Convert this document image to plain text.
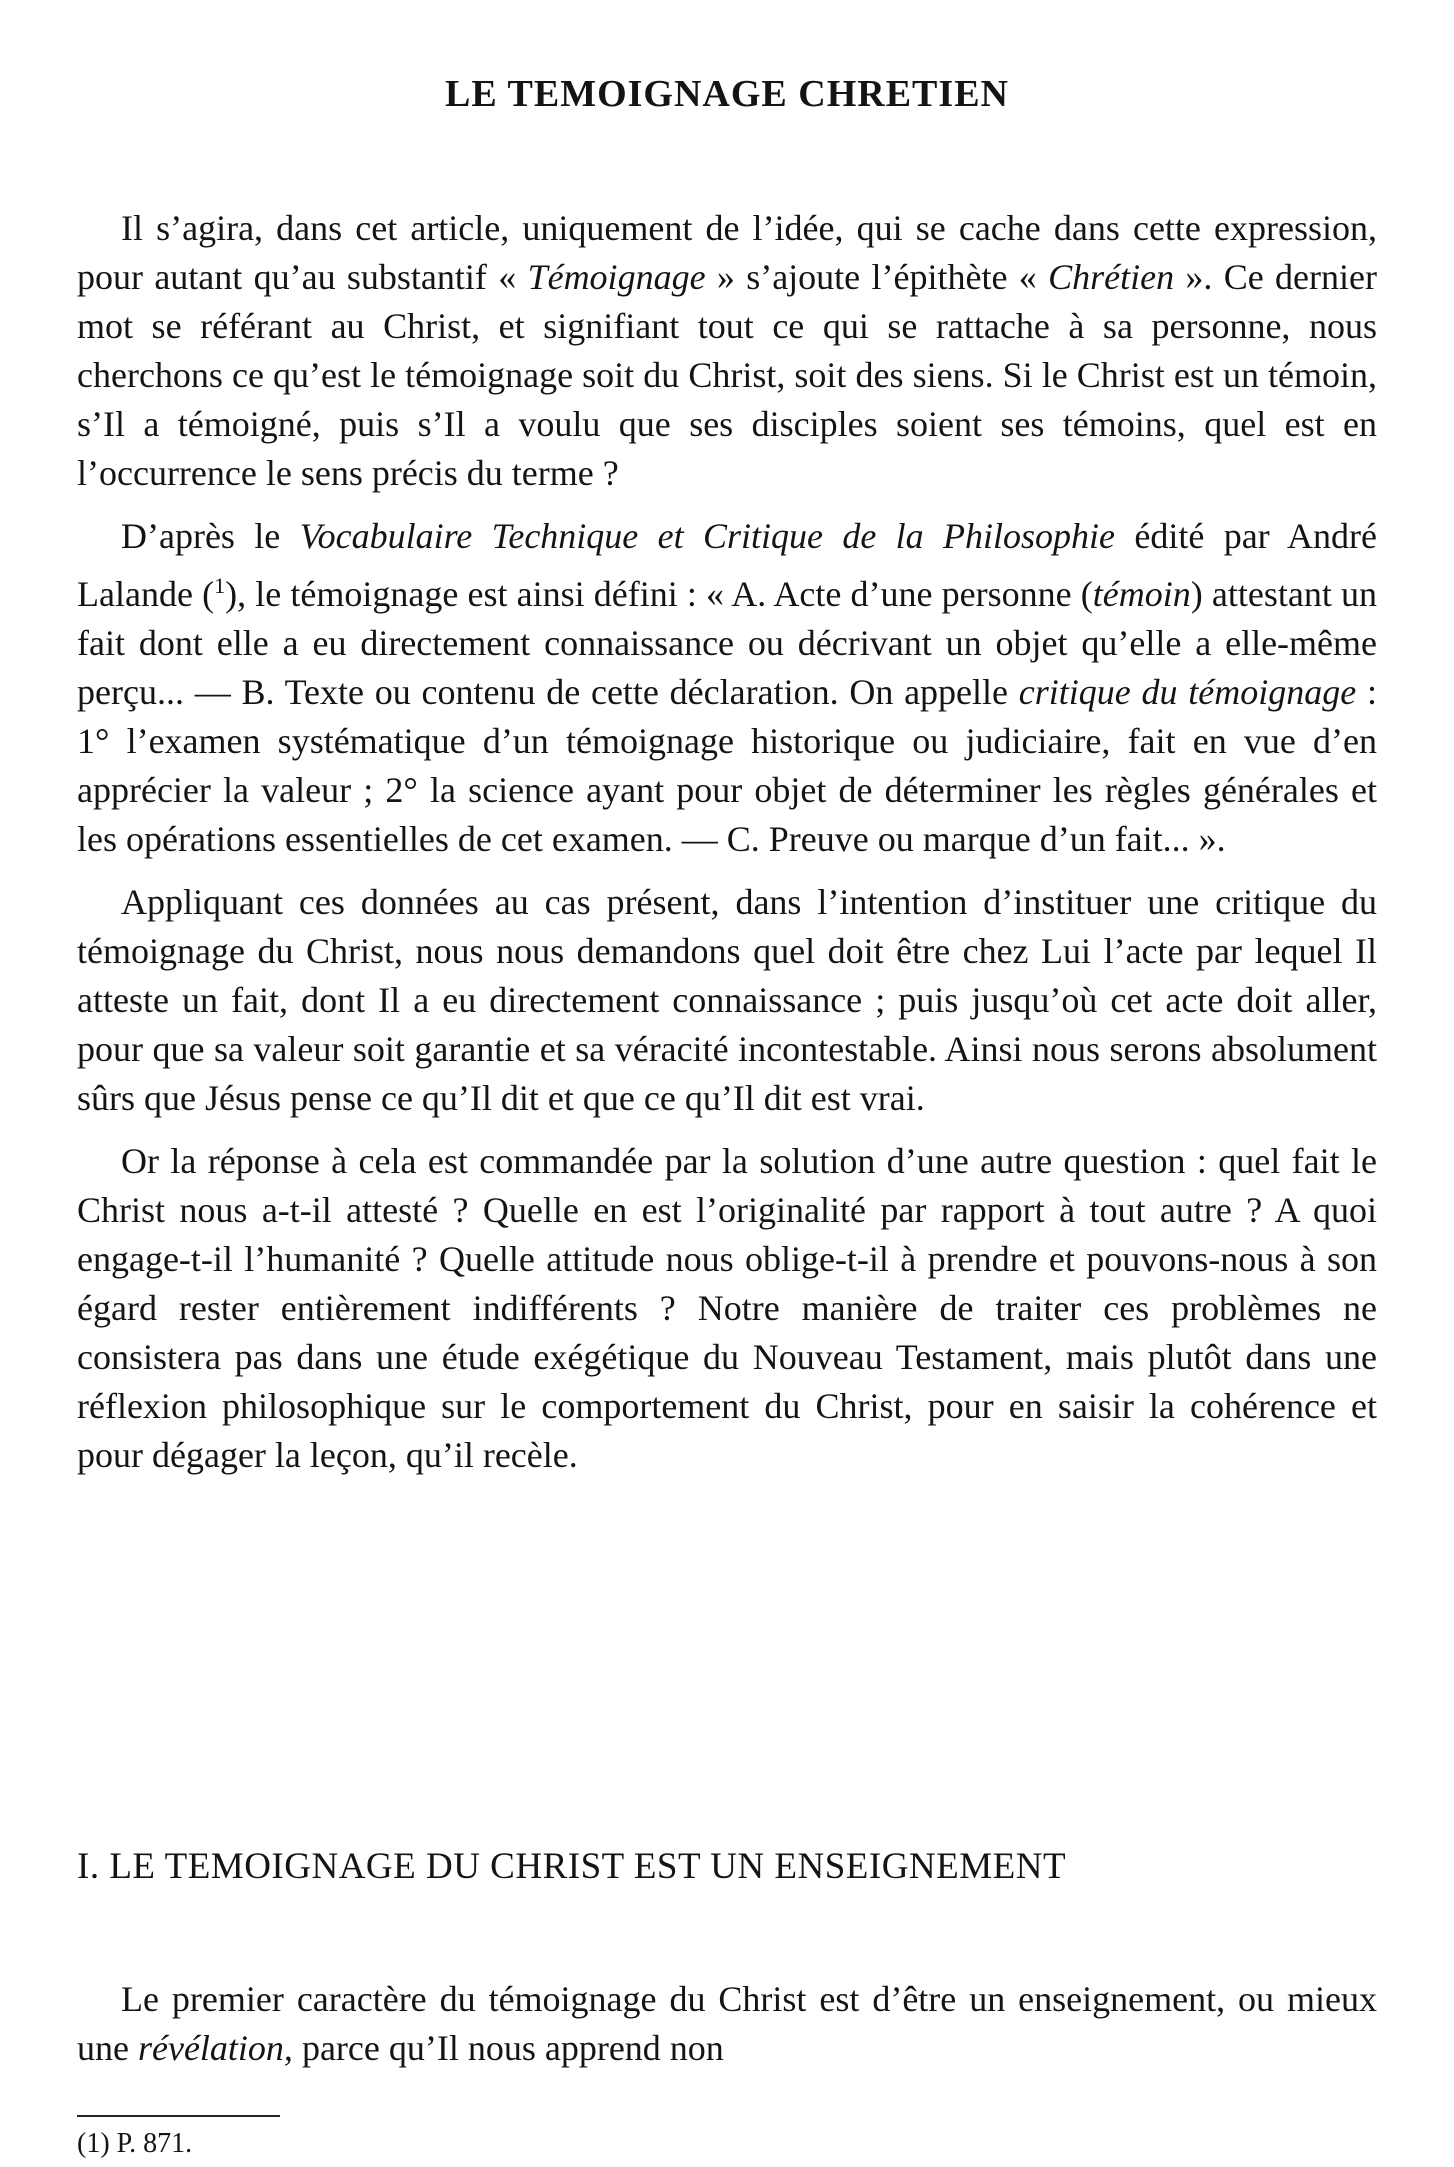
LE TEMOIGNAGE CHRETIEN

Il s’agira, dans cet article, uniquement de l’idée, qui se cache dans cette expression, pour autant qu’au substantif « Témoignage » s’ajoute l’épithète « Chrétien ». Ce dernier mot se référant au Christ, et signifiant tout ce qui se rattache à sa personne, nous cherchons ce qu’est le témoignage soit du Christ, soit des siens. Si le Christ est un témoin, s’Il a témoigné, puis s’Il a voulu que ses disciples soient ses témoins, quel est en l’occurrence le sens précis du terme ?

D’après le Vocabulaire Technique et Critique de la Philosophie édité par André Lalande ($^1$), le témoignage est ainsi défini : « A. Acte d’une personne (témoin) attestant un fait dont elle a eu directement connaissance ou décrivant un objet qu’elle a elle-même perçu... — B. Texte ou contenu de cette déclaration. On appelle critique du témoignage : 1° l’examen systématique d’un témoignage historique ou judiciaire, fait en vue d’en apprécier la valeur ; 2° la science ayant pour objet de déterminer les règles générales et les opérations essentielles de cet examen. — C. Preuve ou marque d’un fait... ».

Appliquant ces données au cas présent, dans l’intention d’instituer une critique du témoignage du Christ, nous nous demandons quel doit être chez Lui l’acte par lequel Il atteste un fait, dont Il a eu directement connaissance ; puis jusqu’où cet acte doit aller, pour que sa valeur soit garantie et sa véracité incontestable. Ainsi nous serons absolument sûrs que Jésus pense ce qu’Il dit et que ce qu’Il dit est vrai.

Or la réponse à cela est commandée par la solution d’une autre question : quel fait le Christ nous a-t-il attesté ? Quelle en est l’originalité par rapport à tout autre ? A quoi engage-t-il l’humanité ? Quelle attitude nous oblige-t-il à prendre et pouvons-nous à son égard rester entièrement indifférents ? Notre manière de traiter ces problèmes ne consistera pas dans une étude exégétique du Nouveau Testament, mais plutôt dans une réflexion philosophique sur le comportement du Christ, pour en saisir la cohérence et pour dégager la leçon, qu’il recèle.

I. LE TEMOIGNAGE DU CHRIST EST UN ENSEIGNEMENT

Le premier caractère du témoignage du Christ est d’être un enseignement, ou mieux une révélation, parce qu’Il nous apprend non

(1) P. 871.
